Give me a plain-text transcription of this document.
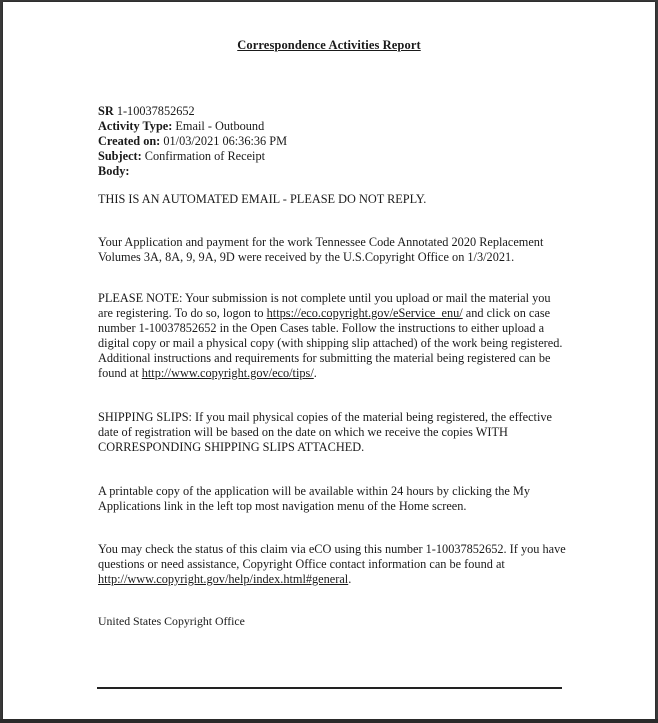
Correspondence Activities Report

SR 1-10037852652

Activity Type: Email - Outbound

Created on: 01/03/2021 06:36:36 PM

Subject: Confirmation of Receipt

Body:

THIS IS AN AUTOMATED EMAIL - PLEASE DO NOT REPLY.

Your Application and payment for the work Tennessee Code Annotated 2020 Replacement Volumes 3A, 8A, 9, 9A, 9D were received by the U.S.Copyright Office on 1/3/2021.

PLEASE NOTE: Your submission is not complete until you upload or mail the material you are registering. To do so, logon to https://eco.copyright.gov/eService_enu/ and click on case number 1-10037852652 in the Open Cases table. Follow the instructions to either upload a digital copy or mail a physical copy (with shipping slip attached) of the work being registered. Additional instructions and requirements for submitting the material being registered can be found at http://www.copyright.gov/eco/tips/.

SHIPPING SLIPS: If you mail physical copies of the material being registered, the effective date of registration will be based on the date on which we receive the copies WITH CORRESPONDING SHIPPING SLIPS ATTACHED.

A printable copy of the application will be available within 24 hours by clicking the My Applications link in the left top most navigation menu of the Home screen.

You may check the status of this claim via eCO using this number 1-10037852652. If you have questions or need assistance, Copyright Office contact information can be found at http://www.copyright.gov/help/index.html#general.

United States Copyright Office
